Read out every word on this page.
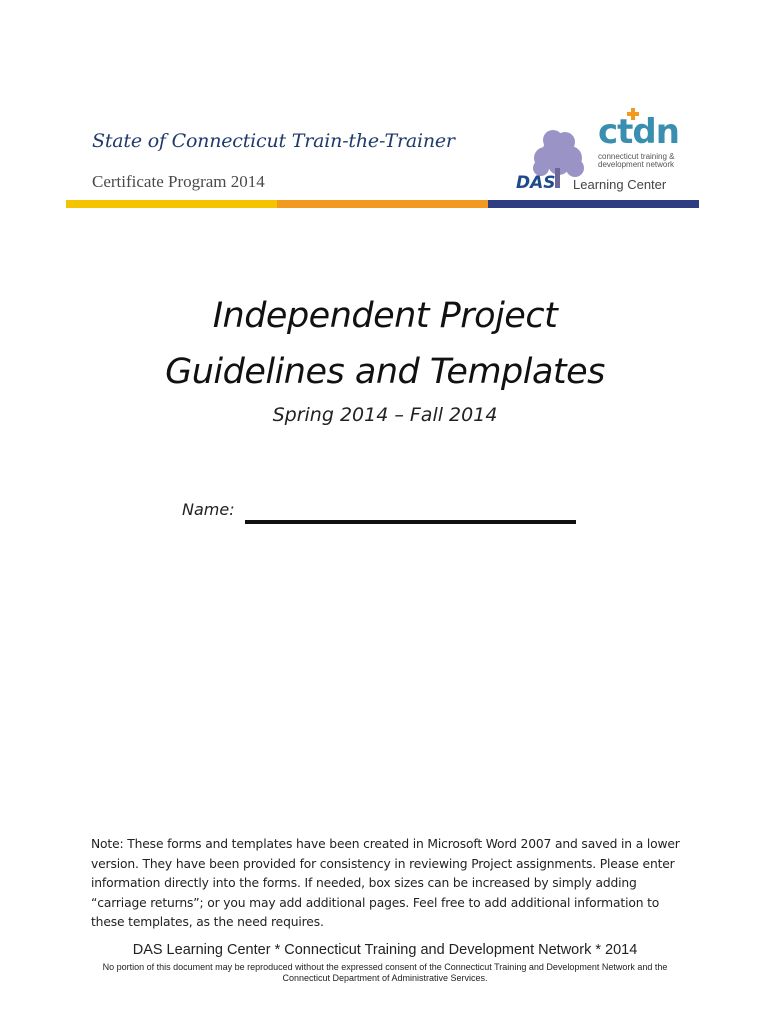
State of Connecticut Train-the-Trainer
Certificate Program 2014
ctdn
connecticut training &
development network
DAS Learning Center
Independent Project
Guidelines and Templates
Spring 2014 – Fall 2014
Name:
Note: These forms and templates have been created in Microsoft Word 2007 and saved in a lower version. They have been provided for consistency in reviewing Project assignments. Please enter information directly into the forms. If needed, box sizes can be increased by simply adding “carriage returns”; or you may add additional pages. Feel free to add additional information to these templates, as the need requires.
DAS Learning Center * Connecticut Training and Development Network * 2014
No portion of this document may be reproduced without the expressed consent of the Connecticut Training and Development Network and the Connecticut Department of Administrative Services.
